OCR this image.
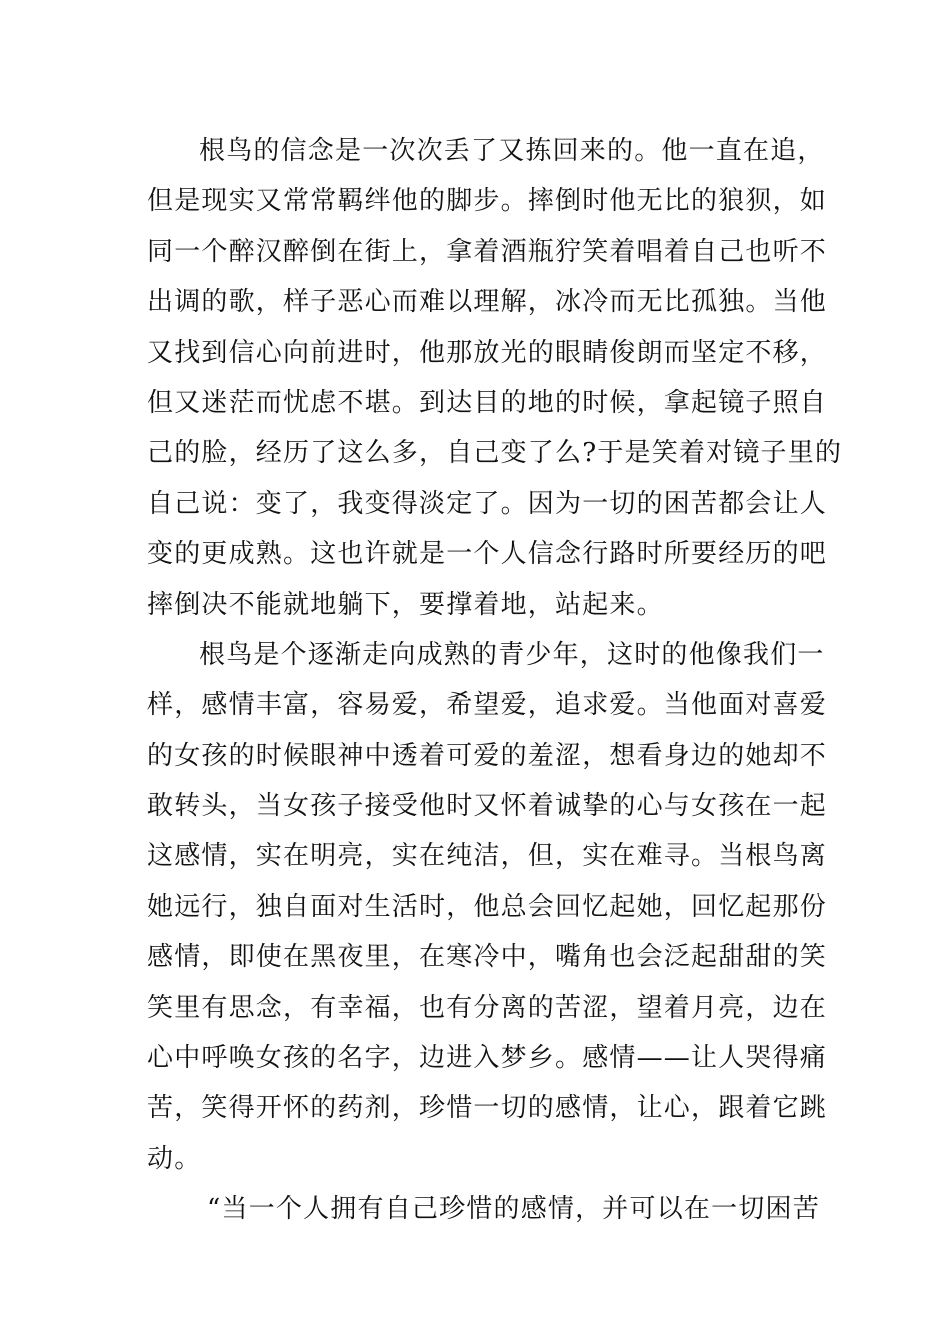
根鸟的信念是一次次丢了又拣回来的。他一直在追，
但是现实又常常羁绊他的脚步。摔倒时他无比的狼狈，如
同一个醉汉醉倒在街上，拿着酒瓶狞笑着唱着自己也听不
出调的歌，样子恶心而难以理解，冰冷而无比孤独。当他
又找到信心向前进时，他那放光的眼睛俊朗而坚定不移，
但又迷茫而忧虑不堪。到达目的地的时候，拿起镜子照自
己的脸，经历了这么多，自己变了么?于是笑着对镜子里的
自己说：变了，我变得淡定了。因为一切的困苦都会让人
变的更成熟。这也许就是一个人信念行路时所要经历的吧
摔倒决不能就地躺下，要撑着地，站起来。
根鸟是个逐渐走向成熟的青少年，这时的他像我们一
样，感情丰富，容易爱，希望爱，追求爱。当他面对喜爱
的女孩的时候眼神中透着可爱的羞涩，想看身边的她却不
敢转头，当女孩子接受他时又怀着诚挚的心与女孩在一起
这感情，实在明亮，实在纯洁，但，实在难寻。当根鸟离
她远行，独自面对生活时，他总会回忆起她，回忆起那份
感情，即使在黑夜里，在寒冷中，嘴角也会泛起甜甜的笑
笑里有思念，有幸福，也有分离的苦涩，望着月亮，边在
心中呼唤女孩的名字，边进入梦乡。感情——让人哭得痛
苦，笑得开怀的药剂，珍惜一切的感情，让心，跟着它跳
动。
“当一个人拥有自己珍惜的感情，并可以在一切困苦
